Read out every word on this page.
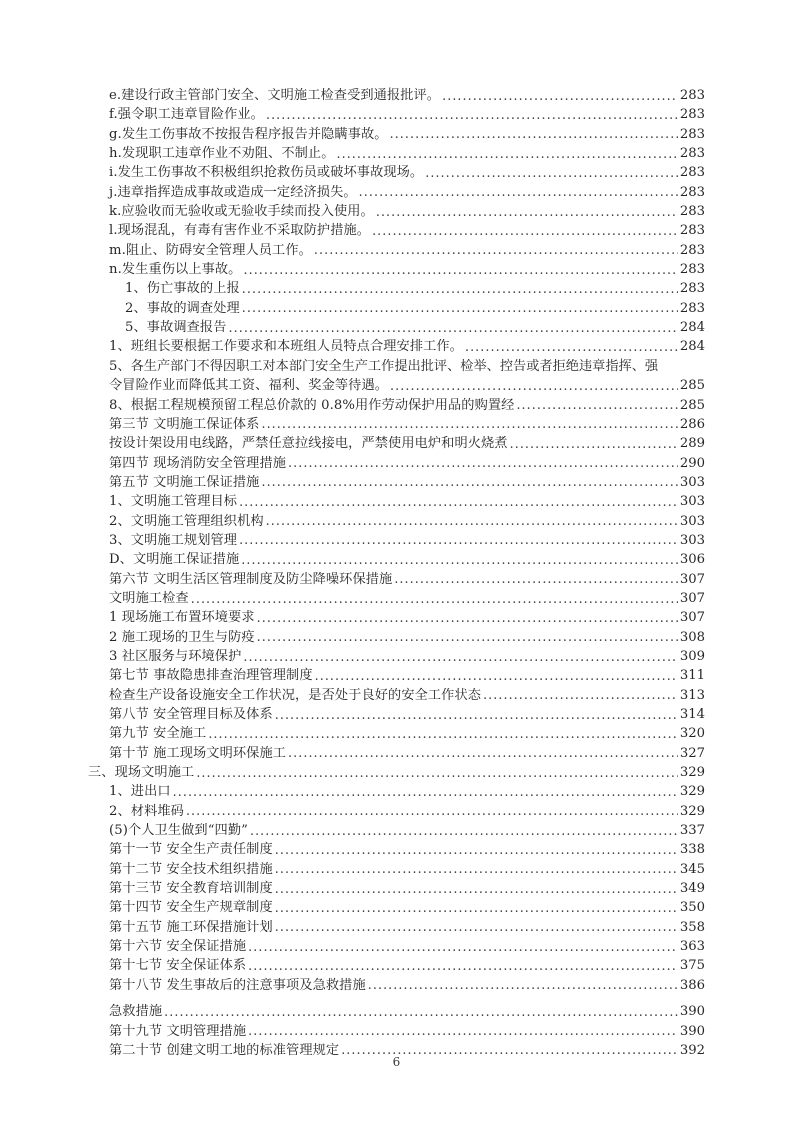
e.建设行政主管部门安全、文明施工检查受到通报批评。 .....	283
f.强令职工违章冒险作业。 .....	283
g.发生工伤事故不按报告程序报告并隐瞒事故。 .....	283
h.发现职工违章作业不劝阻、不制止。 .....	283
i.发生工伤事故不积极组织抢救伤员或破坏事故现场。 .....	283
j.违章指挥造成事故或造成一定经济损失。 .....	283
k.应验收而无验收或无验收手续而投入使用。 .....	283
l.现场混乱，有毒有害作业不采取防护措施。 .....	283
m.阻止、防碍安全管理人员工作。 .....	283
n.发生重伤以上事故。 .....	283
1、伤亡事故的上报 .....	283
2、事故的调查处理 .....	283
5、事故调查报告 .....	284
1、班组长要根据工作要求和本班组人员特点合理安排工作。 .....	284
5、各生产部门不得因职工对本部门安全生产工作提出批评、检举、控告或者拒绝违章指挥、强
令冒险作业而降低其工资、福利、奖金等待遇。 .....	285
8、根据工程规模预留工程总价款的 0.8%用作劳动保护用品的购置经 .....	285
第三节 文明施工保证体系 .....	286
按设计架设用电线路，严禁任意拉线接电，严禁使用电炉和明火烧煮 .....	289
第四节 现场消防安全管理措施 .....	290
第五节 文明施工保证措施 .....	303
1、文明施工管理目标 .....	303
2、文明施工管理组织机构 .....	303
3、文明施工规划管理 .....	303
D、文明施工保证措施 .....	306
第六节 文明生活区管理制度及防尘降噪环保措施 .....	307
文明施工检查 .....	307
1 现场施工布置环境要求 .....	307
2 施工现场的卫生与防疫 .....	308
3 社区服务与环境保护 .....	309
第七节 事故隐患排查治理管理制度 .....	311
检查生产设备设施安全工作状况，是否处于良好的安全工作状态 .....	313
第八节 安全管理目标及体系 .....	314
第九节 安全施工 .....	320
第十节 施工现场文明环保施工 .....	327
三、现场文明施工 .....	329
1、进出口 .....	329
2、材料堆码 .....	329
(5)个人卫生做到“四勤” .....	337
第十一节 安全生产责任制度 .....	338
第十二节 安全技术组织措施 .....	345
第十三节 安全教育培训制度 .....	349
第十四节 安全生产规章制度 .....	350
第十五节 施工环保措施计划 .....	358
第十六节 安全保证措施 .....	363
第十七节 安全保证体系 .....	375
第十八节 发生事故后的注意事项及急救措施 .....	386
急救措施 .....	390
第十九节 文明管理措施 .....	390
第二十节 创建文明工地的标准管理规定 .....	392
6
